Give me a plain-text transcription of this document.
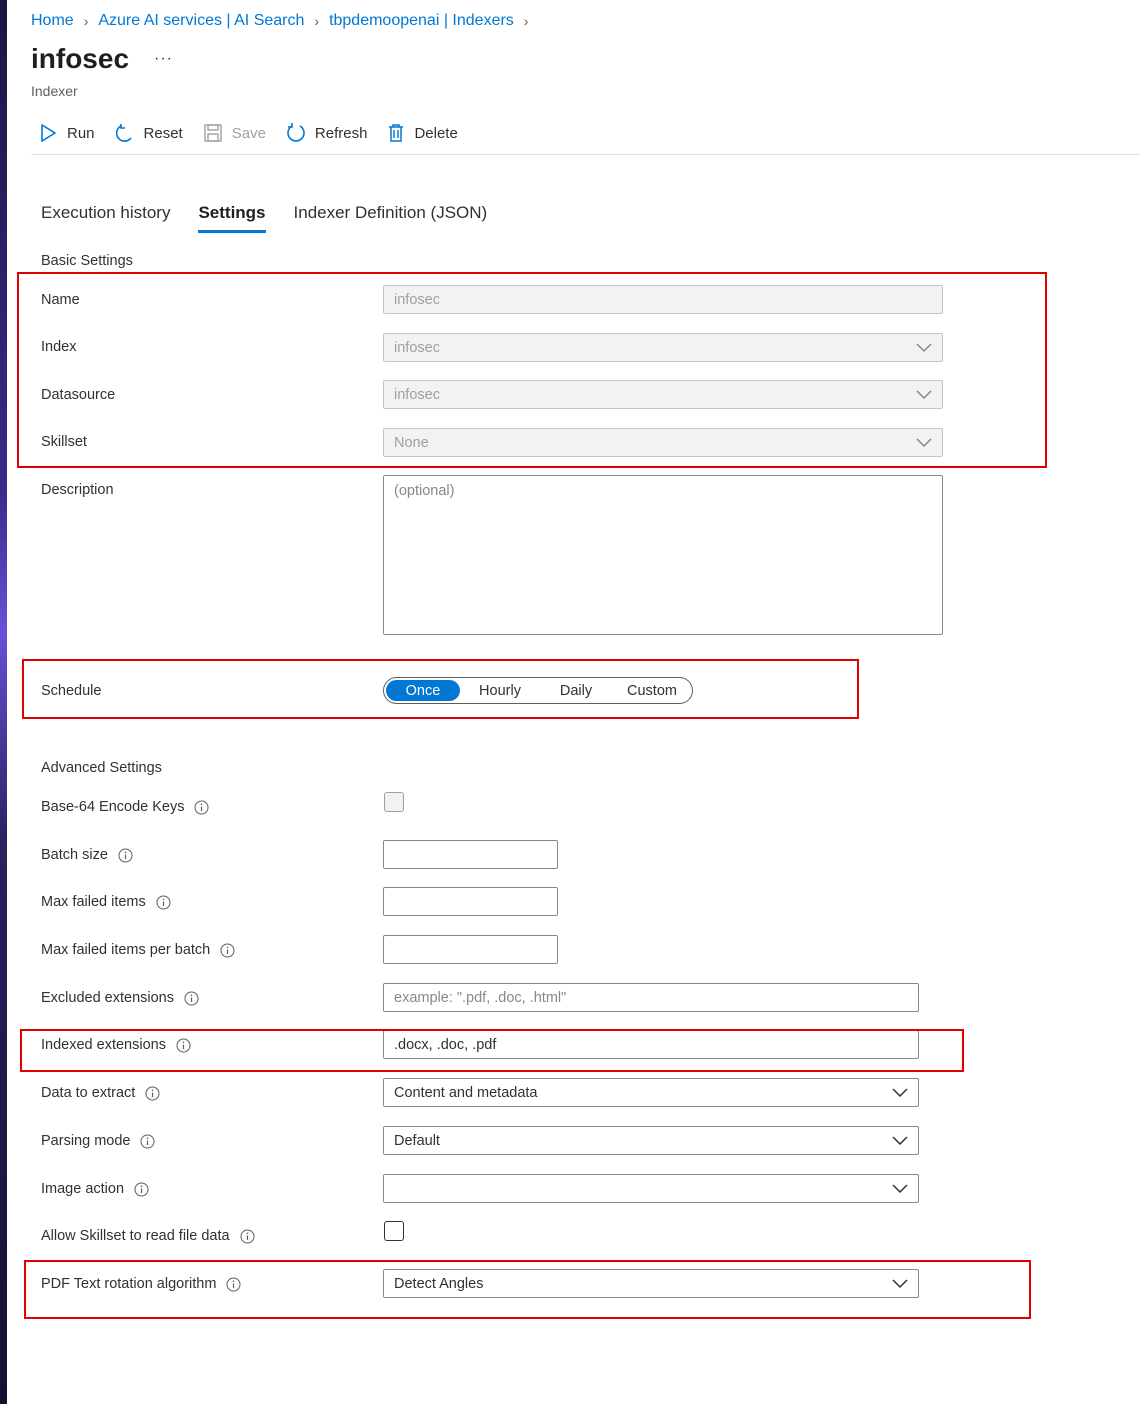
Home › Azure AI services | AI Search › tbpdemoopenai | Indexers ›
infosec ···
Indexer
Run	Reset	Save	Refresh	Delete
Execution history Settings Indexer Definition (JSON)
Basic Settings
Name	infosec
Index	infosec
Datasource	infosec
Skillset	None
Description	(optional)
Schedule	Once	Hourly	Daily	Custom
Advanced Settings
Base-64 Encode Keys
Batch size
Max failed items
Max failed items per batch
Excluded extensions	example: ".pdf, .doc, .html"
Indexed extensions	.docx, .doc, .pdf
Data to extract	Content and metadata
Parsing mode	Default
Image action
Allow Skillset to read file data
PDF Text rotation algorithm	Detect Angles
